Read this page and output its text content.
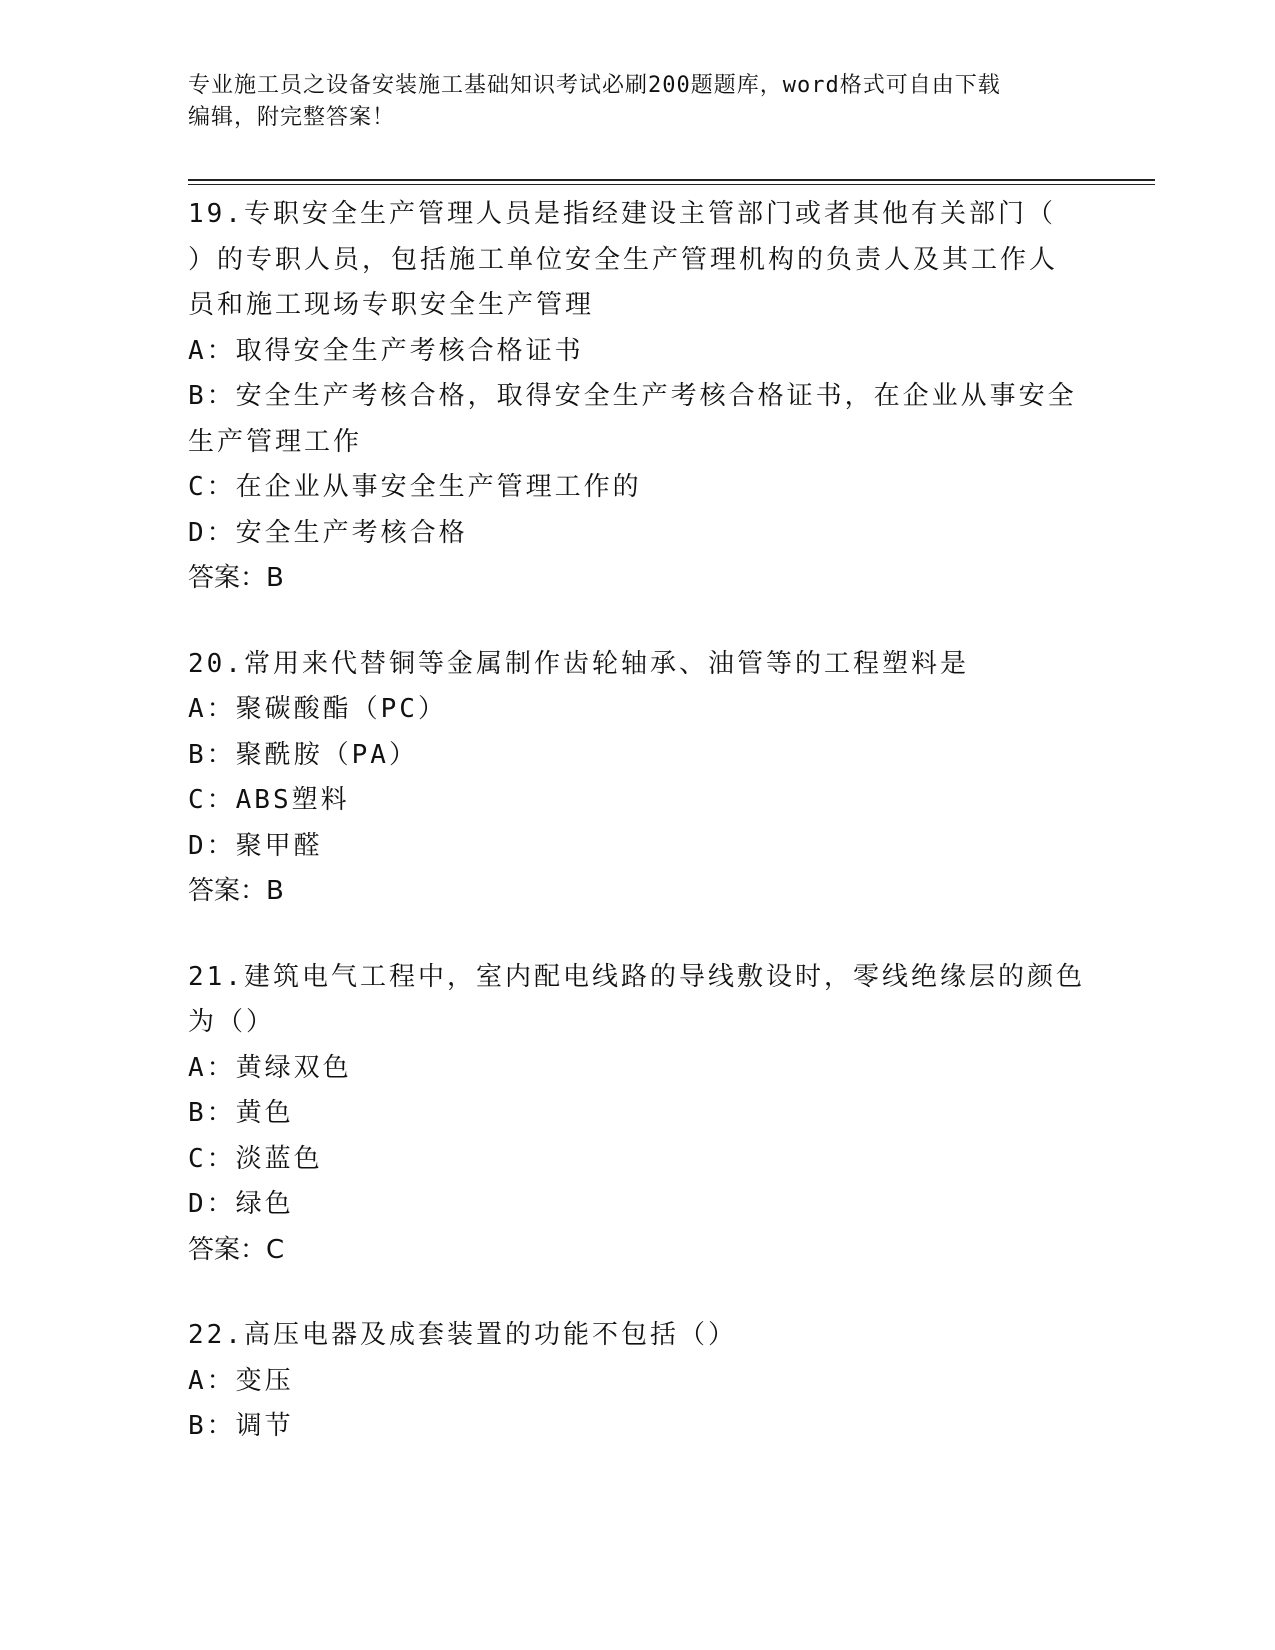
专业施工员之设备安装施工基础知识考试必刷200题题库，word格式可自由下载
编辑，附完整答案！
19.专职安全生产管理人员是指经建设主管部门或者其他有关部门（
）的专职人员，包括施工单位安全生产管理机构的负责人及其工作人
员和施工现场专职安全生产管理
A：取得安全生产考核合格证书
B：安全生产考核合格，取得安全生产考核合格证书，在企业从事安全
生产管理工作
C：在企业从事安全生产管理工作的
D：安全生产考核合格
答案：B
20.常用来代替铜等金属制作齿轮轴承、油管等的工程塑料是
A：聚碳酸酯（PC）
B：聚酰胺（PA）
C：ABS塑料
D：聚甲醛
答案：B
21.建筑电气工程中，室内配电线路的导线敷设时，零线绝缘层的颜色
为（）
A：黄绿双色
B：黄色
C：淡蓝色
D：绿色
答案：C
22.高压电器及成套装置的功能不包括（）
A：变压
B：调节
